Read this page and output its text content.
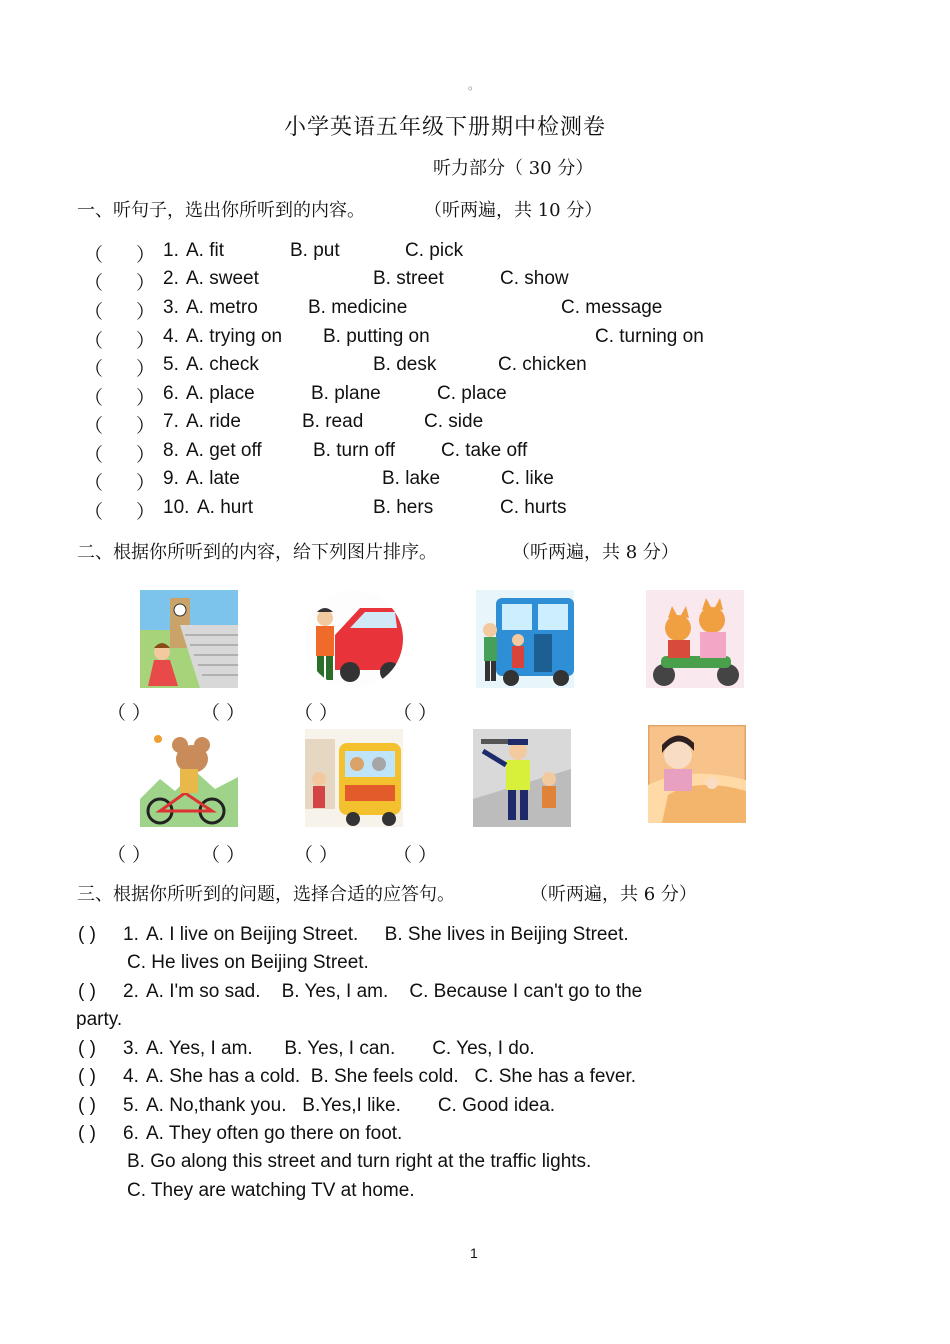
。
小学英语五年级下册期中检测卷
听力部分（ 30 分）
一、听句子，选出你所听到的内容。	（听两遍，共 10 分）
（ ） 1. A. fit	B. put	C. pick
（ ） 2. A. sweet	B. street	C. show
（ ） 3. A. metro	B. medicine	C. message
（ ） 4. A. trying on B. putting on	C. turning on
（ ） 5. A. check	B. desk	C. chicken
（ ） 6. A. place	B. plane	C. place
（ ） 7. A. ride	B. read	C. side
（ ） 8. A. get off	B. turn off C. take off
（ ） 9. A. late	B. lake	C. like
（ ） 10. A. hurt	B. hers	C. hurts
二、根据你所听到的内容，给下列图片排序。	（听两遍，共 8 分）
（ ）	（ ）	（ ）	（ ）
（ ）	（ ）	（ ）	（ ）
三、根据你所听到的问题，选择合适的应答句。	（听两遍，共 6 分）
( ) 1. A. I live on Beijing Street.     B. She lives in Beijing Street.
C. He lives on Beijing Street.
( ) 2. A. I'm so sad.    B. Yes, I am.    C. Because I can't go to the
party.
( ) 3. A. Yes, I am.      B. Yes, I can.       C. Yes, I do.
( ) 4. A. She has a cold.  B. She feels cold.   C. She has a fever.
( ) 5. A. No,thank you.   B.Yes,I like.       C. Good idea.
( ) 6. A. They often go there on foot.
B. Go along this street and turn right at the traffic lights.
C. They are watching TV at home.
1
